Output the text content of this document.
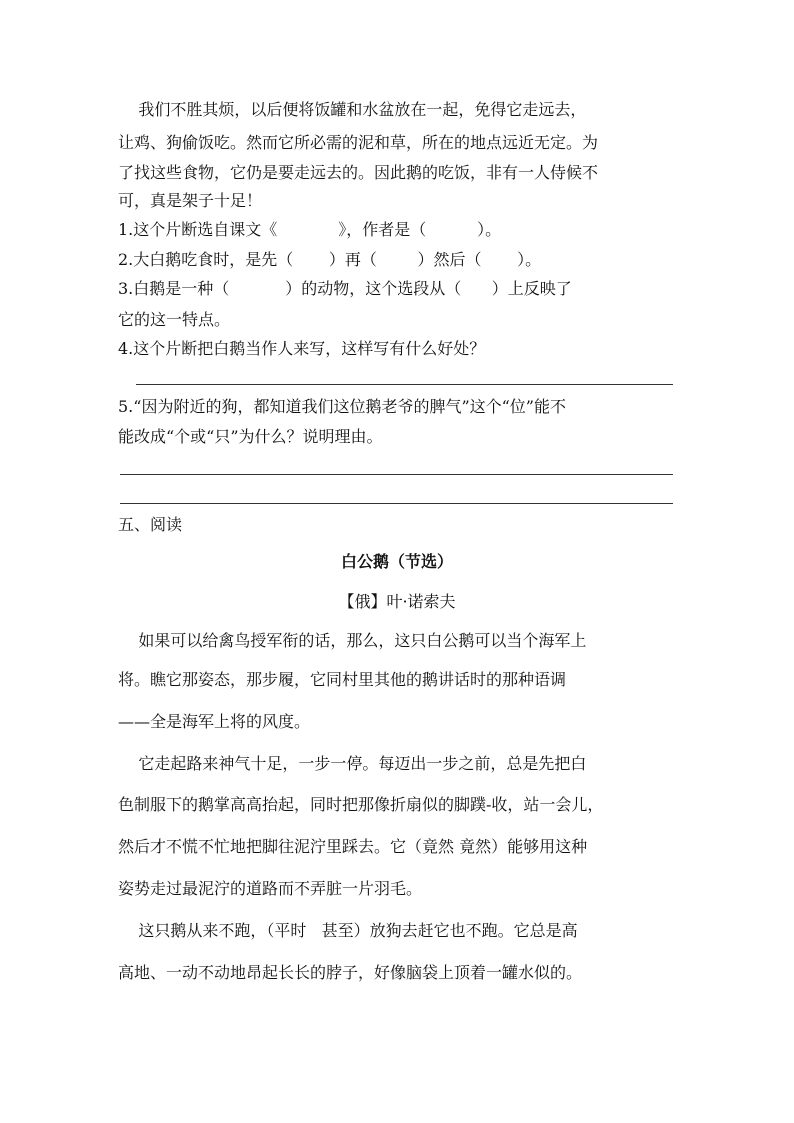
我们不胜其烦，以后便将饭罐和水盆放在一起，免得它走远去，
让鸡、狗偷饭吃。然而它所必需的泥和草，所在的地点远近无定。为
了找这些食物，它仍是要走远去的。因此鹅的吃饭，非有一人侍候不
可，真是架子十足！
1.这个片断选自课文《            》，作者是（          ）。
2.大白鹅吃食时，是先（       ）再（        ）然后（       ）。
3.白鹅是一种（           ）的动物，这个选段从（      ）上反映了
它的这一特点。
4.这个片断把白鹅当作人来写，这样写有什么好处？
5.“因为附近的狗，都知道我们这位鹅老爷的脾气”这个“位”能不
能改成“个或“只”为什么？说明理由。
五、阅读
白公鹅（节选）
【俄】叶·诺索夫
如果可以给禽鸟授军衔的话，那么，这只白公鹅可以当个海军上
将。瞧它那姿态，那步履，它同村里其他的鹅讲话时的那种语调
——全是海军上将的风度。
它走起路来神气十足，一步一停。每迈出一步之前，总是先把白
色制服下的鹅掌高高抬起，同时把那像折扇似的脚蹼-收，站一会儿，
然后才不慌不忙地把脚往泥泞里踩去。它（竟然 竟然）能够用这种
姿势走过最泥泞的道路而不弄脏一片羽毛。
这只鹅从来不跑，（平时   甚至）放狗去赶它也不跑。它总是高
高地、一动不动地昂起长长的脖子，好像脑袋上顶着一罐水似的。
